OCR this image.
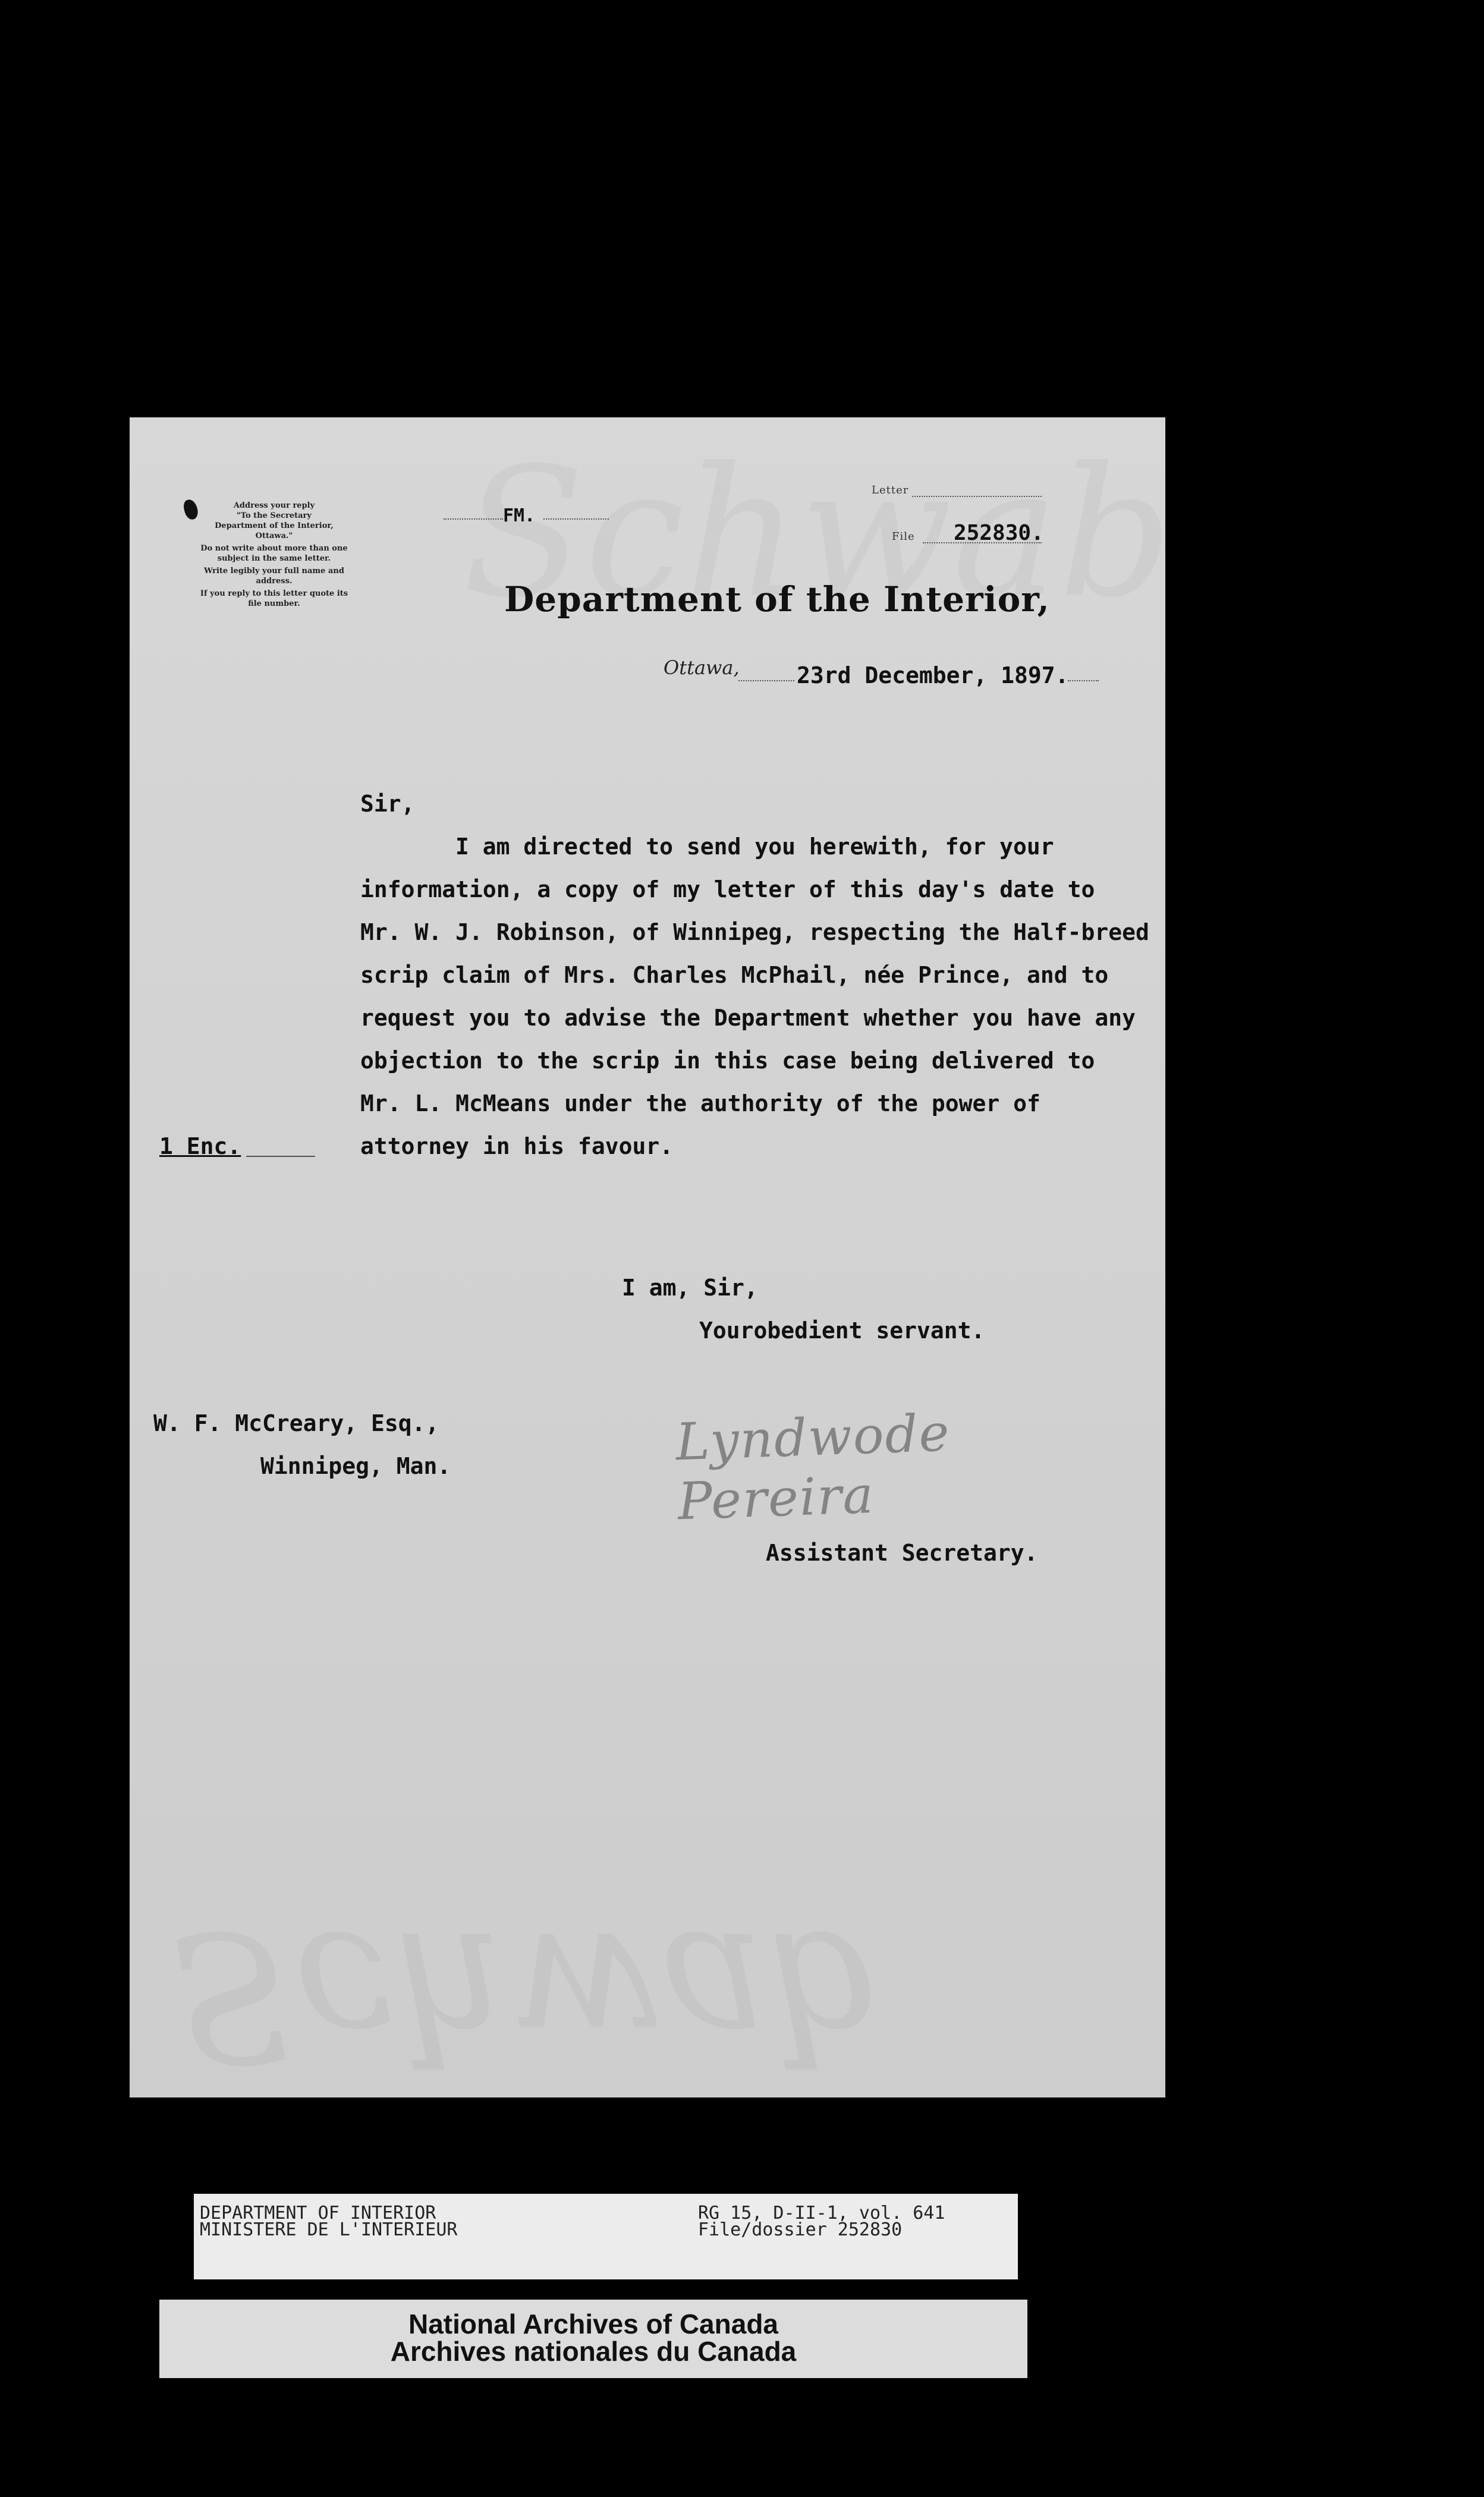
Address your reply
"To the Secretary
Department of the Interior,
Ottawa."

Do not write about more than one
subject in the same letter.

Write legibly your full name and
address.

If you reply to this letter quote its
file number.

FM.
Letter
File 252830.
Department of the Interior,
Ottawa,	23rd December, 1897.
Sir,
I am directed to send you herewith, for your
information, a copy of my letter of this day's date to
Mr. W. J. Robinson, of Winnipeg, respecting the Half-breed
scrip claim of Mrs. Charles McPhail, née Prince, and to
request you to advise the Department whether you have any
objection to the scrip in this case being delivered to
Mr. L. McMeans under the authority of the power of
attorney in his favour.
1 Enc.
I am, Sir,
Yourobedient servant.
Lyndwode Pereira
W. F. McCreary, Esq.,
Winnipeg, Man.
Assistant Secretary.
DEPARTMENT OF INTERIOR
MINISTERE DE L'INTERIEUR
RG 15, D-II-1, vol. 641
File/dossier 252830
National Archives of Canada
Archives nationales du Canada
